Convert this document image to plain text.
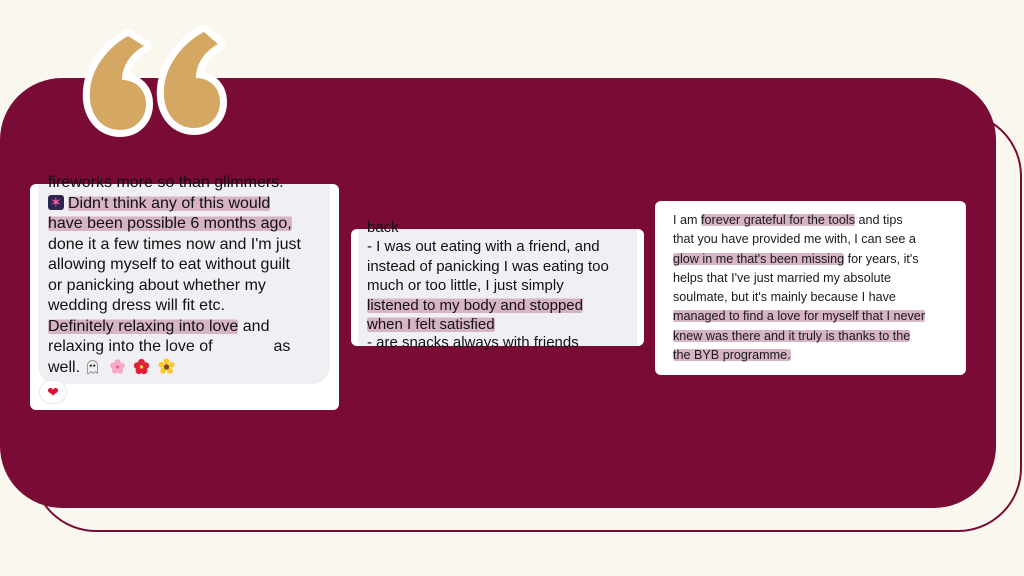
fireworks more so than glimmers.
✶Didn't think any of this would
have been possible 6 months ago,
done it a few times now and I'm just
allowing myself to eat without guilt
or panicking about whether my
wedding dress will fit etc.
Definitely relaxing into love and
relaxing into the love of	as
well.
❤
back
- I was out eating with a friend, and
instead of panicking I was eating too
much or too little, I just simply
listened to my body and stopped
when I felt satisfied
- are snacks always with friends
I am forever grateful for the tools and tips
that you have provided me with, I can see a
glow in me that's been missing for years, it's
helps that I've just married my absolute
soulmate, but it's mainly because I have
managed to find a love for myself that I never
knew was there and it truly is thanks to the
the BYB programme.
